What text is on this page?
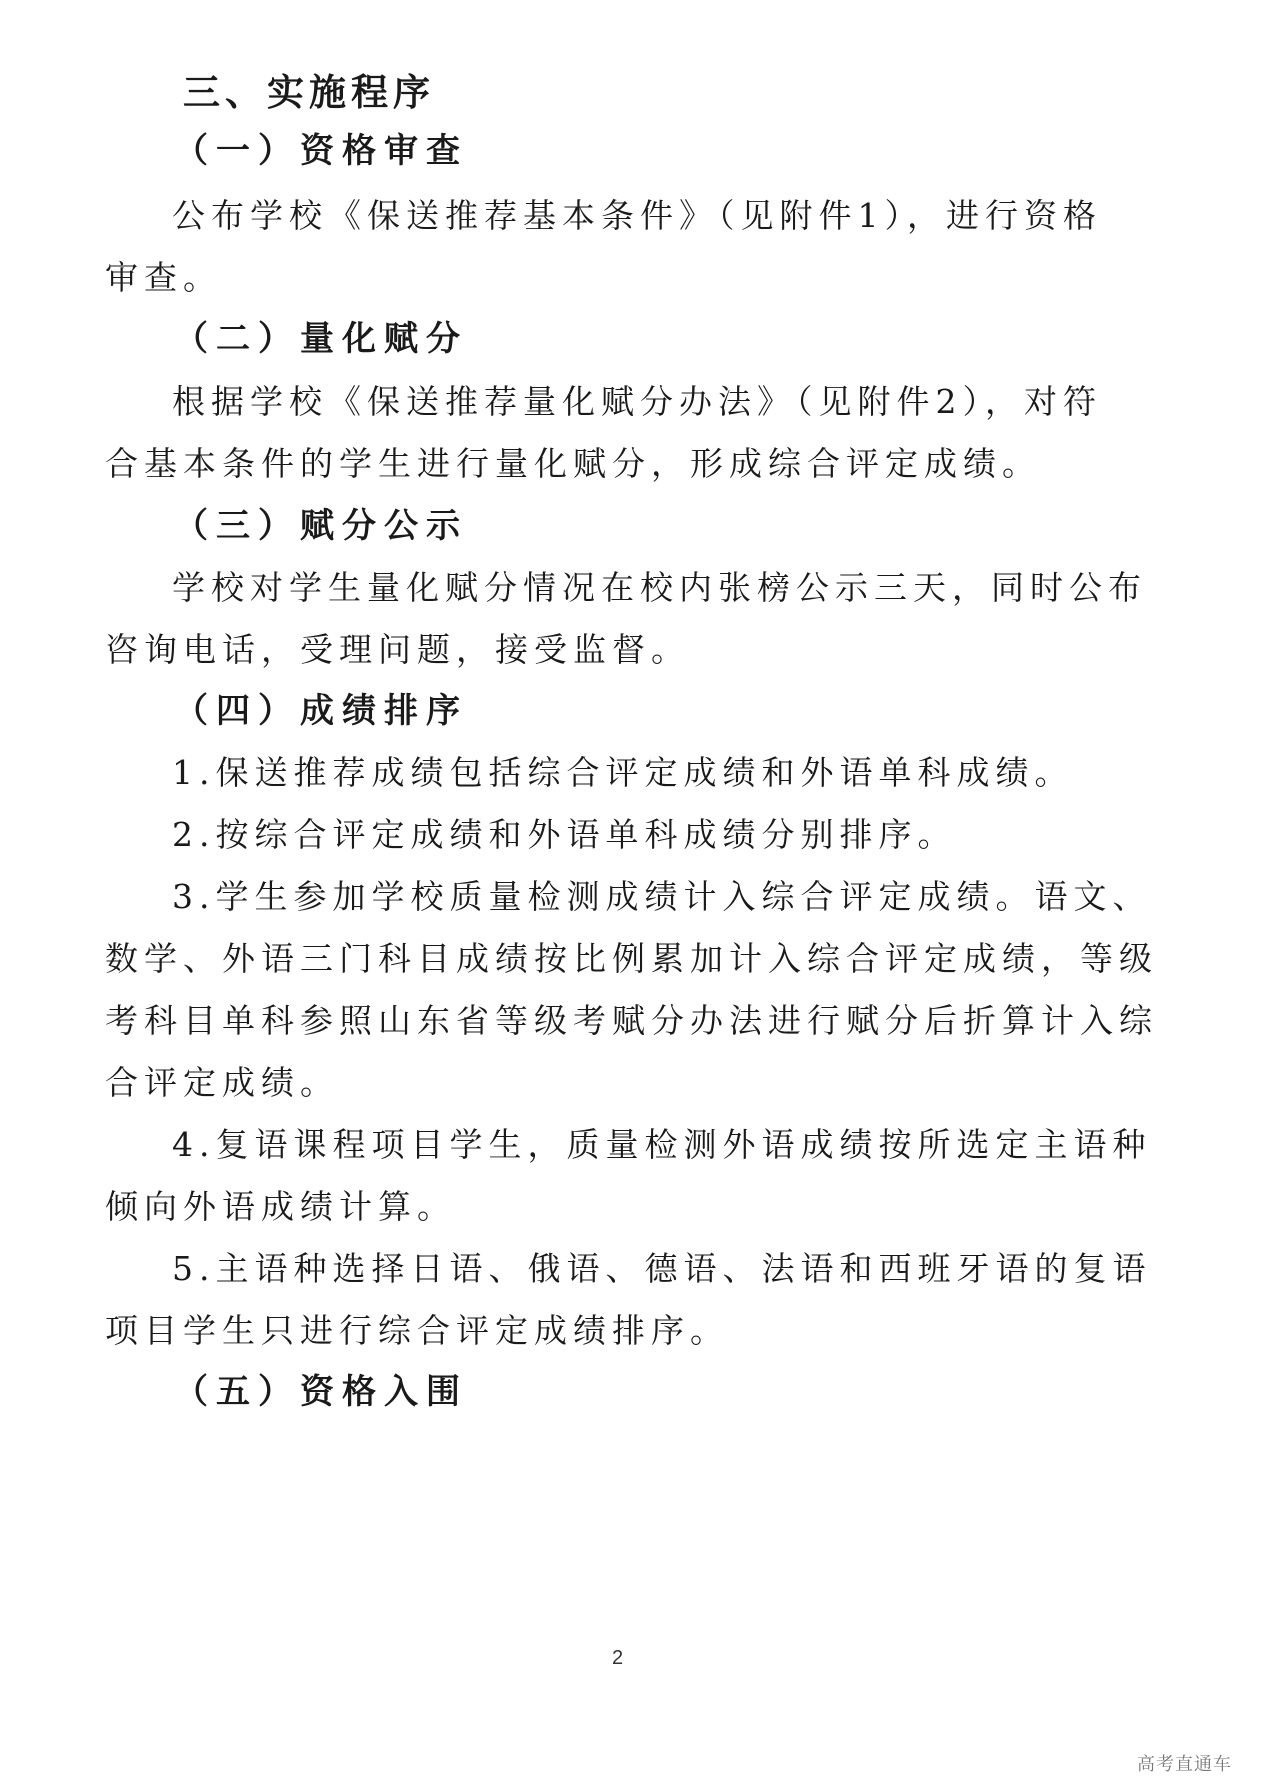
三、实施程序
（一）资格审查
公布学校《保送推荐基本条件》（见附件1），进行资格
审查。
（二）量化赋分
根据学校《保送推荐量化赋分办法》（见附件2），对符
合基本条件的学生进行量化赋分，形成综合评定成绩。
（三）赋分公示
学校对学生量化赋分情况在校内张榜公示三天，同时公布
咨询电话，受理问题，接受监督。
（四）成绩排序
1.保送推荐成绩包括综合评定成绩和外语单科成绩。
2.按综合评定成绩和外语单科成绩分别排序。
3.学生参加学校质量检测成绩计入综合评定成绩。语文、
数学、外语三门科目成绩按比例累加计入综合评定成绩，等级
考科目单科参照山东省等级考赋分办法进行赋分后折算计入综
合评定成绩。
4.复语课程项目学生，质量检测外语成绩按所选定主语种
倾向外语成绩计算。
5.主语种选择日语、俄语、德语、法语和西班牙语的复语
项目学生只进行综合评定成绩排序。
（五）资格入围
2
高考直通车
